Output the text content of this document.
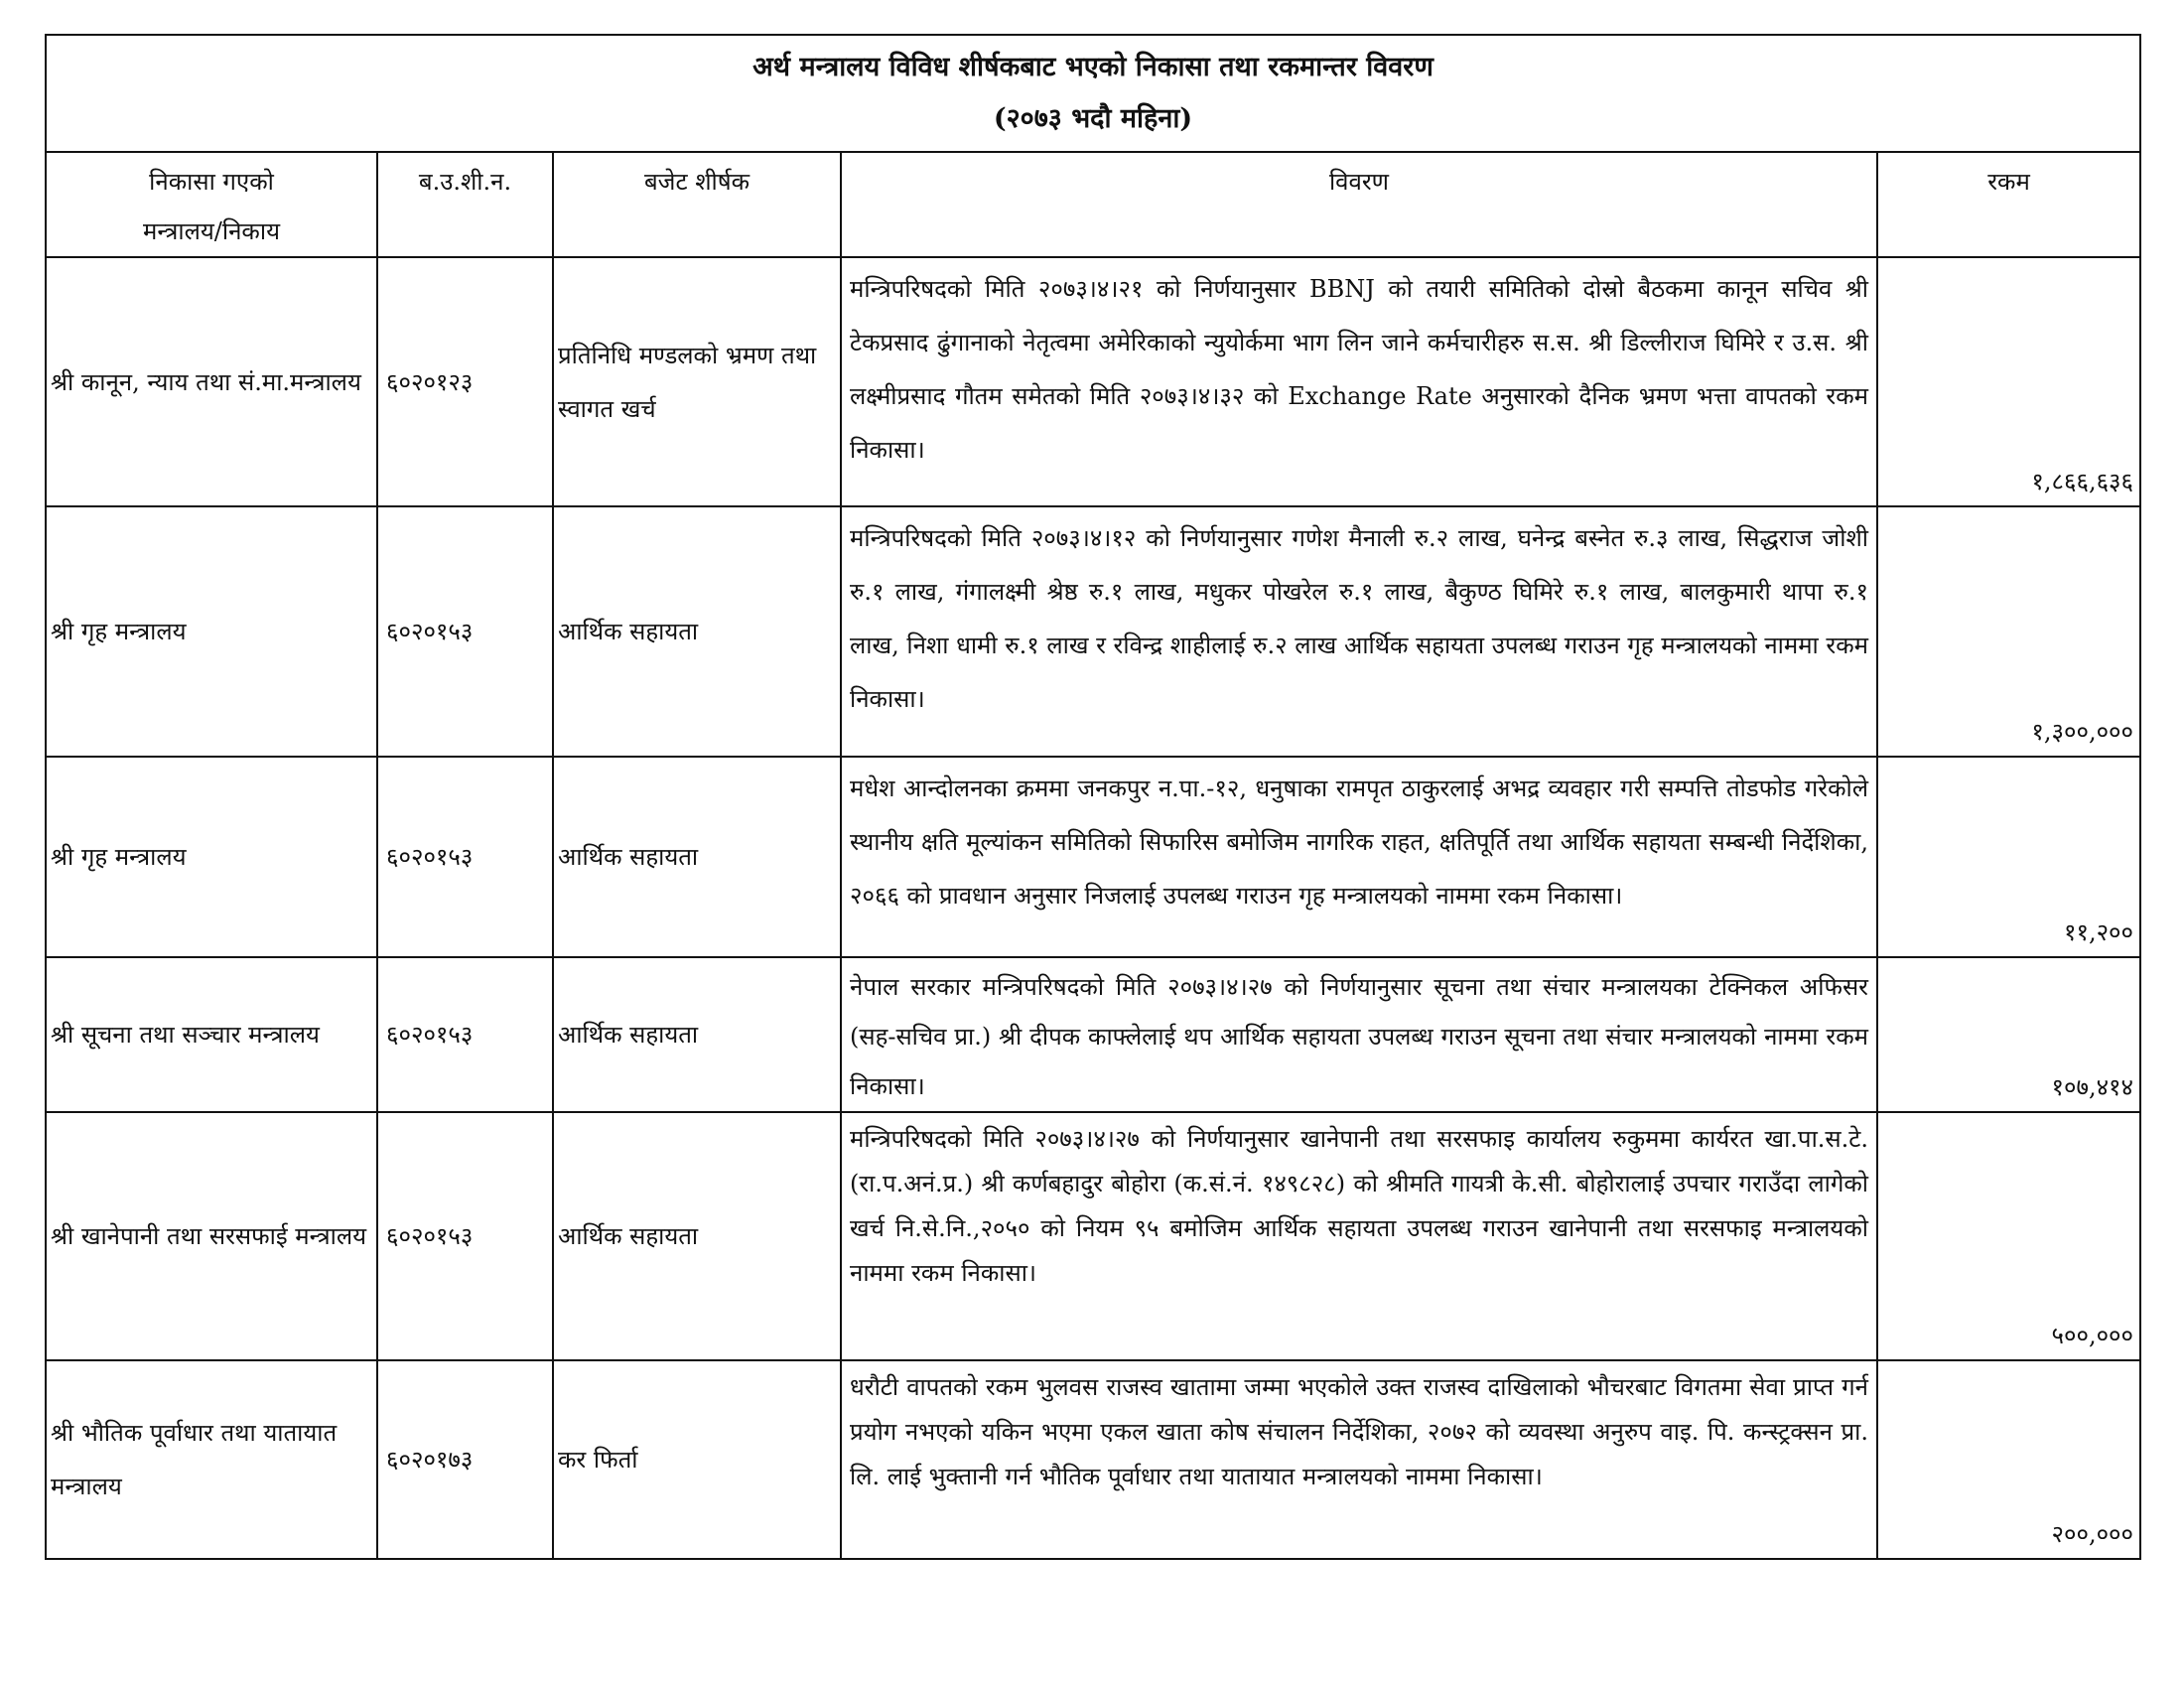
अर्थ मन्त्रालय विविध शीर्षकबाट भएको निकासा तथा रकमान्तर विवरण
(२०७३ भदौ महिना)				

निकासा गएको
मन्त्रालय/निकाय	ब.उ.शी.न.	बजेट शीर्षक	विवरण	रकम

श्री कानून, न्याय तथा सं.मा.मन्त्रालय	६०२०१२३	प्रतिनिधि मण्डलको भ्रमण तथा स्वागत खर्च	मन्त्रिपरिषदको मिति २०७३।४।२१ को निर्णयानुसार BBNJ को तयारी समितिको दोस्रो बैठकमा कानून सचिव श्री टेकप्रसाद ढुंगानाको नेतृत्वमा अमेरिकाको न्युयोर्कमा भाग लिन जाने कर्मचारीहरु स.स. श्री डिल्लीराज घिमिरे र उ.स. श्री लक्ष्मीप्रसाद गौतम समेतको मिति २०७३।४।३२ को Exchange Rate अनुसारको दैनिक भ्रमण भत्ता वापतको रकम निकासा।	१,८६६,६३६
श्री गृह मन्त्रालय	६०२०१५३	आर्थिक सहायता	मन्त्रिपरिषदको मिति २०७३।४।१२ को निर्णयानुसार गणेश मैनाली रु.२ लाख, घनेन्द्र बस्नेत रु.३ लाख, सिद्धराज जोशी रु.१ लाख, गंगालक्ष्मी श्रेष्ठ रु.१ लाख, मधुकर पोखरेल रु.१ लाख, बैकुण्ठ घिमिरे रु.१ लाख, बालकुमारी थापा रु.१ लाख, निशा धामी रु.१ लाख र रविन्द्र शाहीलाई रु.२ लाख आर्थिक सहायता उपलब्ध गराउन गृह मन्त्रालयको नाममा रकम निकासा।	१,३००,०००
श्री गृह मन्त्रालय	६०२०१५३	आर्थिक सहायता	मधेश आन्दोलनका क्रममा जनकपुर न.पा.-१२, धनुषाका रामपृत ठाकुरलाई अभद्र व्यवहार गरी सम्पत्ति तोडफोड गरेकोले स्थानीय क्षति मूल्यांकन समितिको सिफारिस बमोजिम नागरिक राहत, क्षतिपूर्ति तथा आर्थिक सहायता सम्बन्धी निर्देशिका, २०६६ को प्रावधान अनुसार निजलाई उपलब्ध गराउन गृह मन्त्रालयको नाममा रकम निकासा।	११,२००
श्री सूचना तथा सञ्चार मन्त्रालय	६०२०१५३	आर्थिक सहायता	नेपाल सरकार मन्त्रिपरिषदको मिति २०७३।४।२७ को निर्णयानुसार सूचना तथा संचार मन्त्रालयका टेक्निकल अफिसर (सह-सचिव प्रा.) श्री दीपक काफ्लेलाई थप आर्थिक सहायता उपलब्ध गराउन सूचना तथा संचार मन्त्रालयको नाममा रकम निकासा।	१०७,४१४
श्री खानेपानी तथा सरसफाई मन्त्रालय	६०२०१५३	आर्थिक सहायता	मन्त्रिपरिषदको मिति २०७३।४।२७ को निर्णयानुसार खानेपानी तथा सरसफाइ कार्यालय रुकुममा कार्यरत खा.पा.स.टे. (रा.प.अनं.प्र.) श्री कर्णबहादुर बोहोरा (क.सं.नं. १४९८२८) को श्रीमति गायत्री के.सी. बोहोरालाई उपचार गराउँदा लागेको खर्च नि.से.नि.,२०५० को नियम ९५ बमोजिम आर्थिक सहायता उपलब्ध गराउन खानेपानी तथा सरसफाइ मन्त्रालयको नाममा रकम निकासा।	५००,०००
श्री भौतिक पूर्वाधार तथा यातायात मन्त्रालय	६०२०१७३	कर फिर्ता	धरौटी वापतको रकम भुलवस राजस्व खातामा जम्मा भएकोले उक्त राजस्व दाखिलाको भौचरबाट विगतमा सेवा प्राप्त गर्न प्रयोग नभएको यकिन भएमा एकल खाता कोष संचालन निर्देशिका, २०७२ को व्यवस्था अनुरुप वाइ. पि. कन्स्ट्रक्सन प्रा. लि. लाई भुक्तानी गर्न भौतिक पूर्वाधार तथा यातायात मन्त्रालयको नाममा निकासा।	२००,०००
